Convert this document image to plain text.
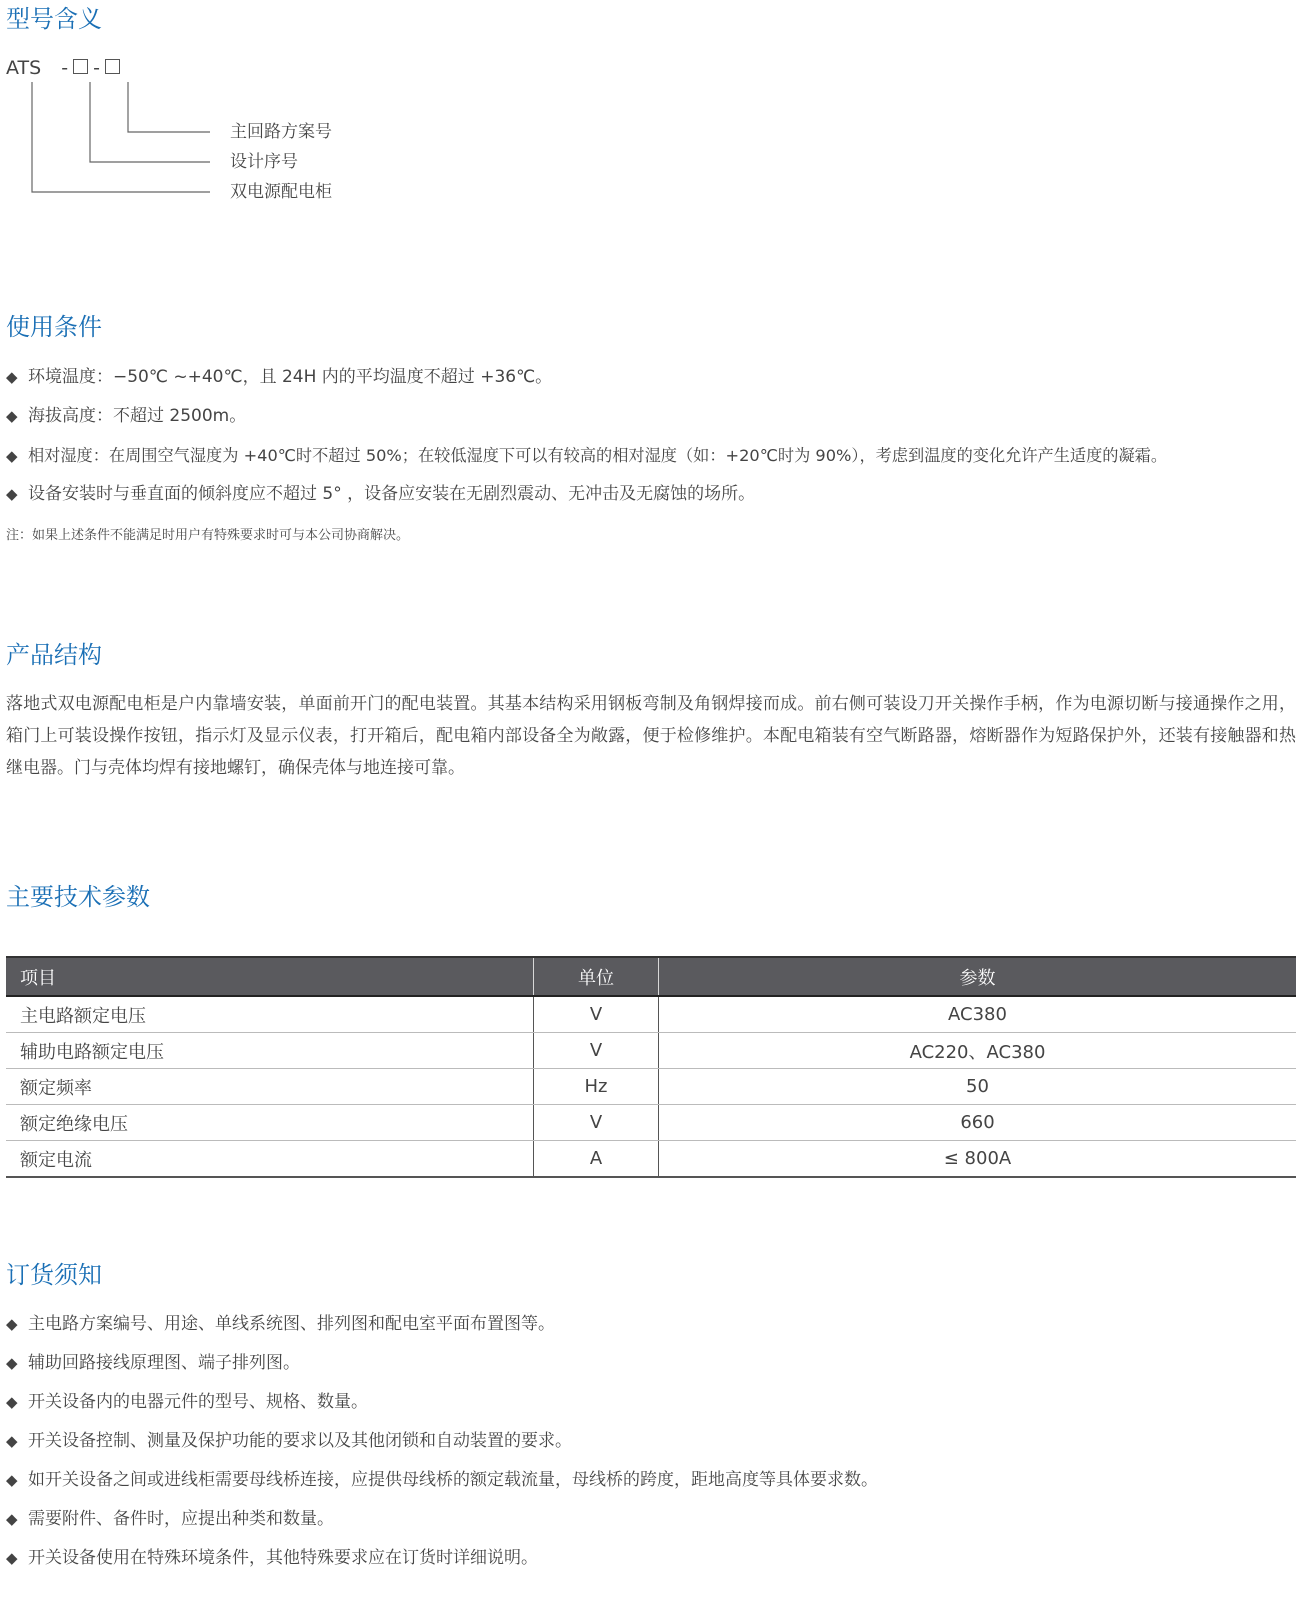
型号含义
ATS - -
主回路方案号
设计序号
双电源配电柜
使用条件
◆ 环境温度：−50℃ ~+40℃，且 24H 内的平均温度不超过 +36℃。
◆ 海拔高度：不超过 2500m。
◆ 相对湿度：在周围空气湿度为 +40℃时不超过 50%；在较低湿度下可以有较高的相对湿度（如：+20℃时为 90%），考虑到温度的变化允许产生适度的凝霜。
◆ 设备安装时与垂直面的倾斜度应不超过 5° ，设备应安装在无剧烈震动、无冲击及无腐蚀的场所。
注：如果上述条件不能满足时用户有特殊要求时可与本公司协商解决。
产品结构

落地式双电源配电柜是户内靠墙安装，单面前开门的配电装置。其基本结构采用钢板弯制及角钢焊接而成。前右侧可装设刀开关操作手柄，作为电源切断与接通操作之用，箱门上可装设操作按钮，指示灯及显示仪表，打开箱后，配电箱内部设备全为敞露，便于检修维护。本配电箱装有空气断路器，熔断器作为短路保护外，还装有接触器和热继电器。门与壳体均焊有接地螺钉，确保壳体与地连接可靠。

主要技术参数
项目	单位	参数
主电路额定电压	V	AC380
辅助电路额定电压	V	AC220、AC380
额定频率	Hz	50
额定绝缘电压	V	660
额定电流	A	≤ 800A
订货须知
◆ 主电路方案编号、用途、单线系统图、排列图和配电室平面布置图等。
◆ 辅助回路接线原理图、端子排列图。
◆ 开关设备内的电器元件的型号、规格、数量。
◆ 开关设备控制、测量及保护功能的要求以及其他闭锁和自动装置的要求。
◆ 如开关设备之间或进线柜需要母线桥连接，应提供母线桥的额定载流量，母线桥的跨度，距地高度等具体要求数。
◆ 需要附件、备件时，应提出种类和数量。
◆ 开关设备使用在特殊环境条件，其他特殊要求应在订货时详细说明。
